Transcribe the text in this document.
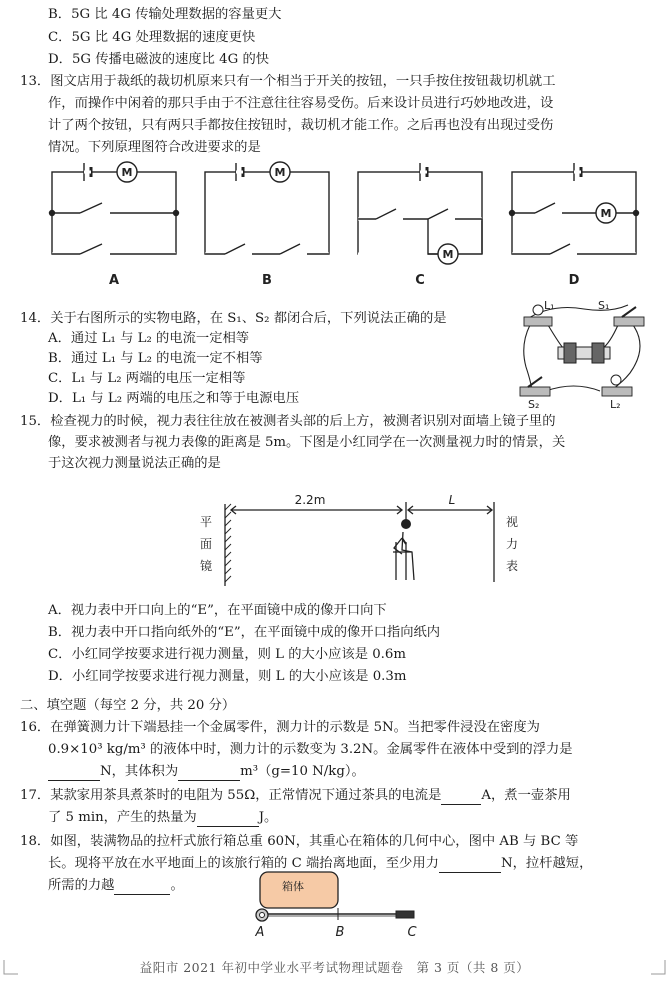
B．5G 比 4G 传输处理数据的容量更大
C．5G 比 4G 处理数据的速度更快
D．5G 传播电磁波的速度比 4G 的快
13．图文店用于裁纸的裁切机原来只有一个相当于开关的按钮，一只手按住按钮裁切机就工
作，而操作中闲着的那只手由于不注意往往容易受伤。后来设计员进行巧妙地改进，设
计了两个按钮，只有两只手都按住按钮时，裁切机才能工作。之后再也没有出现过受伤
情况。下列原理图符合改进要求的是
M	M
M
M
A	B	C	D
14．关于右图所示的实物电路，在 S₁、S₂ 都闭合后，下列说法正确的是
A．通过 L₁ 与 L₂ 的电流一定相等
B．通过 L₁ 与 L₂ 的电流一定不相等
C．L₁ 与 L₂ 两端的电压一定相等
D．L₁ 与 L₂ 两端的电压之和等于电源电压
L₁	S₁
S₂	L₂
15．检查视力的时候，视力表往往放在被测者头部的后上方，被测者识别对面墙上镜子里的
像，要求被测者与视力表像的距离是 5m。下图是小红同学在一次测量视力时的情景，关
于这次视力测量说法正确的是
2.2m	L
平
面
镜
视
力
表
A．视力表中开口向上的“E”，在平面镜中成的像开口向下
B．视力表中开口指向纸外的“E”，在平面镜中成的像开口指向纸内
C．小红同学按要求进行视力测量，则 L 的大小应该是 0.6m
D．小红同学按要求进行视力测量，则 L 的大小应该是 0.3m
二、填空题（每空 2 分，共 20 分）
16．在弹簧测力计下端悬挂一个金属零件，测力计的示数是 5N。当把零件浸没在密度为
0.9×10³ kg/m³ 的液体中时，测力计的示数变为 3.2N。金属零件在液体中受到的浮力是
N，其体积为	m³（g=10 N/kg）。
17．某款家用茶具煮茶时的电阻为 55Ω，正常情况下通过茶具的电流是	A，煮一壶茶用
了 5 min，产生的热量为	J。
18．如图，装满物品的拉杆式旅行箱总重 60N，其重心在箱体的几何中心，图中 AB 与 BC 等
长。现将平放在水平地面上的该旅行箱的 C 端抬离地面，至少用力	N，拉杆越短，
所需的力越	。	箱体
A	B	C
益阳市 2021 年初中学业水平考试物理试题卷　第 3 页（共 8 页）
